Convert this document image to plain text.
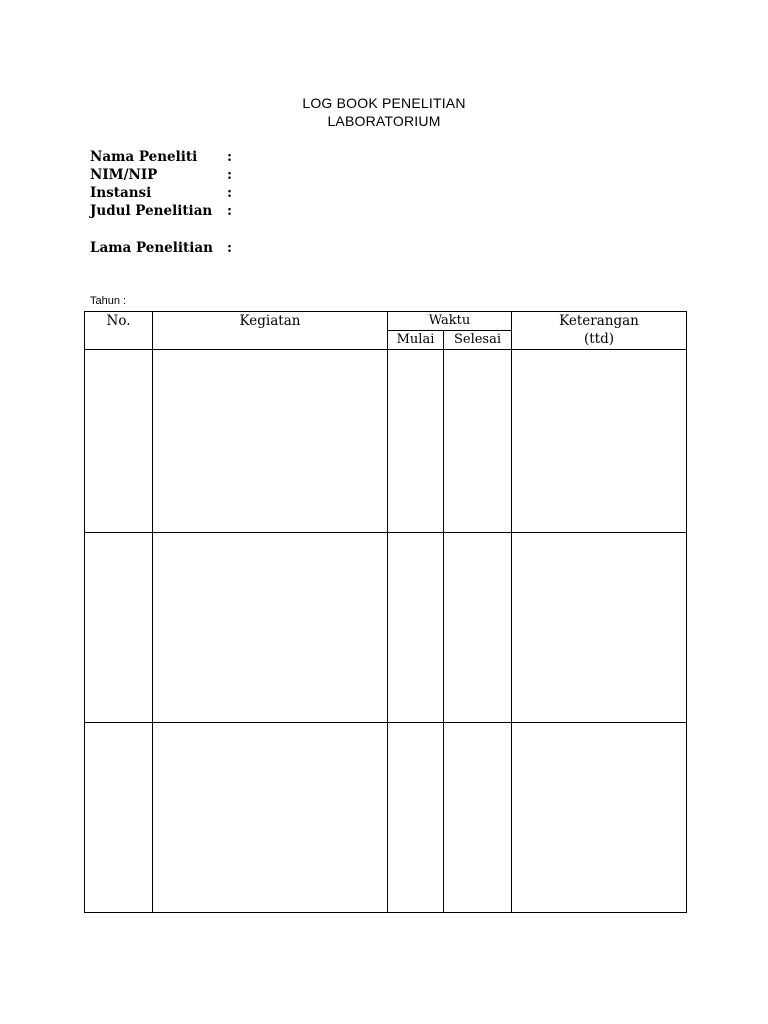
LOG BOOK PENELITIAN
LABORATORIUM
Nama Peneliti :
NIM/NIP	:
Instansi	:
Judul Penelitian :
Lama Penelitian :
Tahun :
No.	Kegiatan	Waktu		Keterangan
(ttd)

		Mulai	Selesai	
